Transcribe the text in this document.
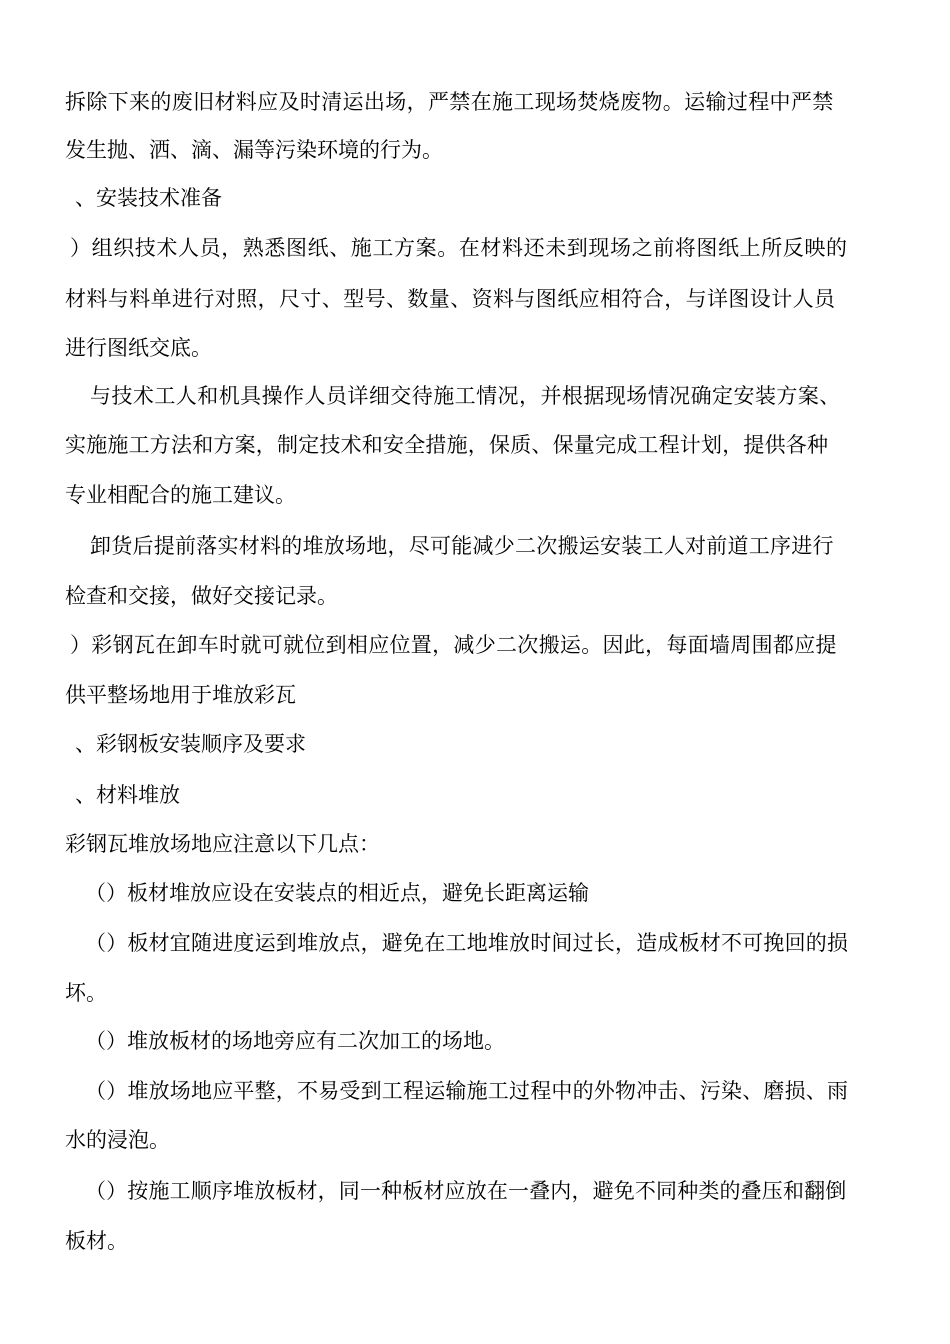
拆除下来的废旧材料应及时清运出场，严禁在施工现场焚烧废物。运输过程中严禁
发生抛、洒、滴、漏等污染环境的行为。
、安装技术准备
）组织技术人员，熟悉图纸、施工方案。在材料还未到现场之前将图纸上所反映的
材料与料单进行对照，尺寸、型号、数量、资料与图纸应相符合，与详图设计人员
进行图纸交底。
与技术工人和机具操作人员详细交待施工情况，并根据现场情况确定安装方案、
实施施工方法和方案，制定技术和安全措施，保质、保量完成工程计划，提供各种
专业相配合的施工建议。
卸货后提前落实材料的堆放场地，尽可能减少二次搬运安装工人对前道工序进行
检查和交接，做好交接记录。
）彩钢瓦在卸车时就可就位到相应位置，减少二次搬运。因此，每面墙周围都应提
供平整场地用于堆放彩瓦
、彩钢板安装顺序及要求
、材料堆放
彩钢瓦堆放场地应注意以下几点：
（）板材堆放应设在安装点的相近点，避免长距离运输
（）板材宜随进度运到堆放点，避免在工地堆放时间过长，造成板材不可挽回的损
坏。
（）堆放板材的场地旁应有二次加工的场地。
（）堆放场地应平整，不易受到工程运输施工过程中的外物冲击、污染、磨损、雨
水的浸泡。
（）按施工顺序堆放板材，同一种板材应放在一叠内，避免不同种类的叠压和翻倒
板材。
